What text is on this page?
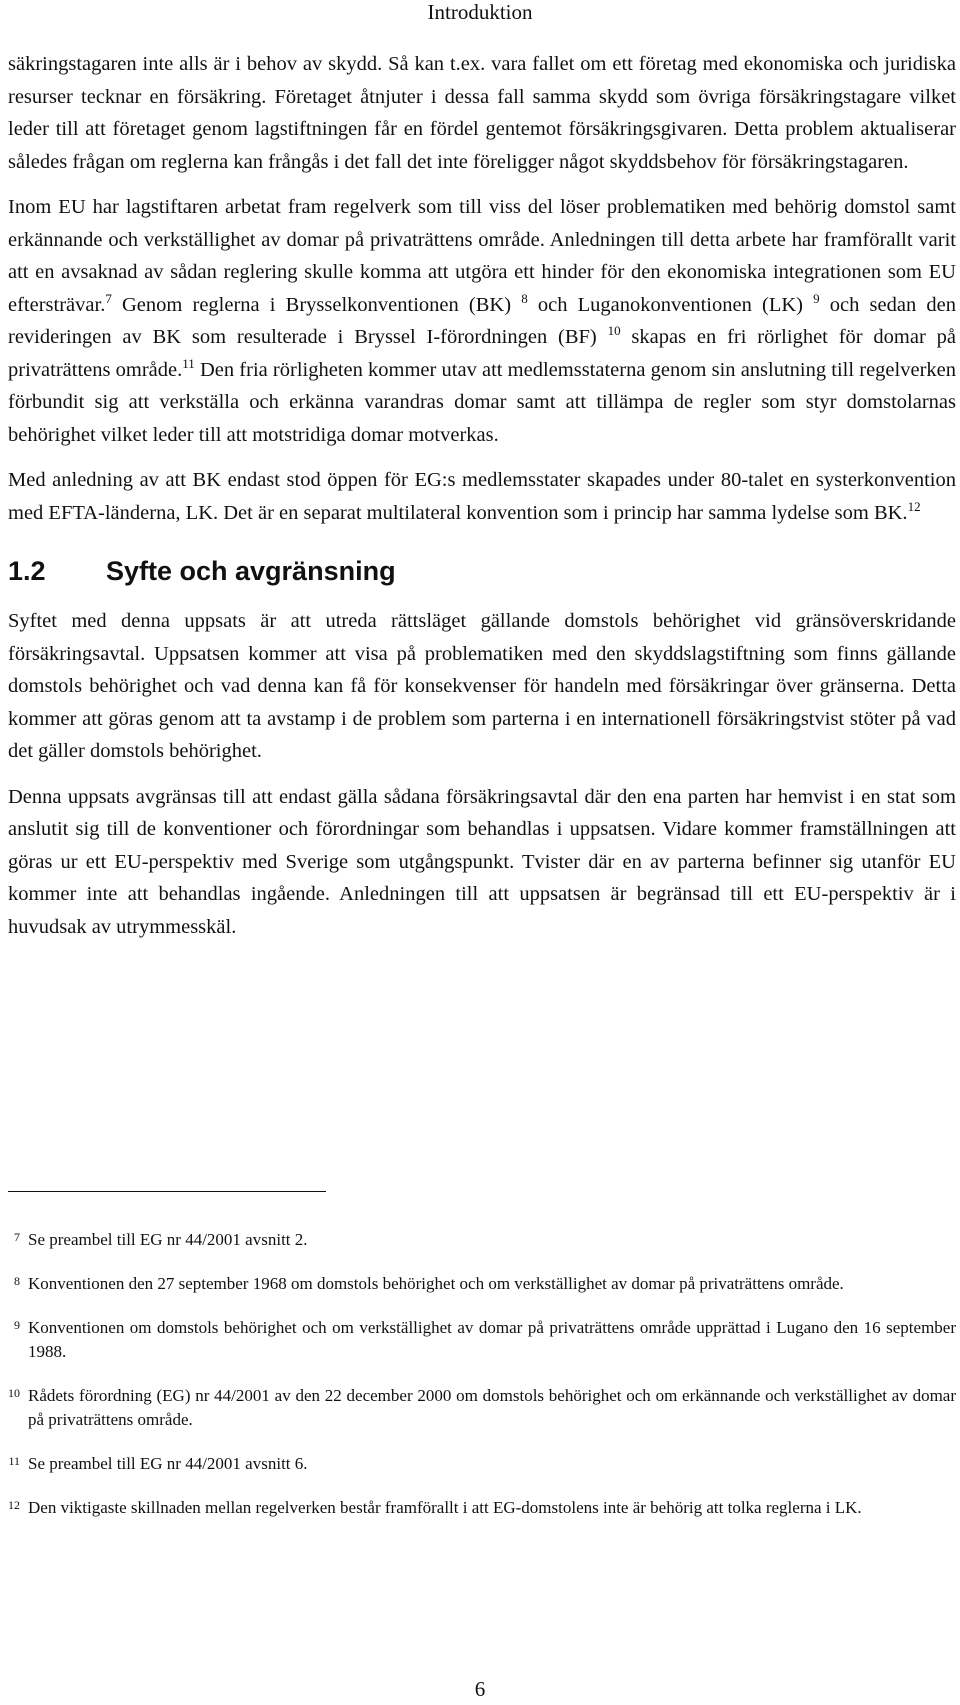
Introduktion

säkringstagaren inte alls är i behov av skydd. Så kan t.ex. vara fallet om ett företag med ekonomiska och juridiska resurser tecknar en försäkring. Företaget åtnjuter i dessa fall samma skydd som övriga försäkringstagare vilket leder till att företaget genom lagstiftningen får en fördel gentemot försäkringsgivaren. Detta problem aktualiserar således frågan om reglerna kan frångås i det fall det inte föreligger något skyddsbehov för försäkringstagaren.

Inom EU har lagstiftaren arbetat fram regelverk som till viss del löser problematiken med behörig domstol samt erkännande och verkställighet av domar på privaträttens område. Anledningen till detta arbete har framförallt varit att en avsaknad av sådan reglering skulle komma att utgöra ett hinder för den ekonomiska integrationen som EU eftersträvar.$^7$ Genom reglerna i Brysselkonventionen (BK) $^8$ och Luganokonventionen (LK) $^9$ och sedan den revideringen av BK som resulterade i Bryssel I-förordningen (BF) $^{10}$ skapas en fri rörlighet för domar på privaträttens område.$^{11}$ Den fria rörligheten kommer utav att medlemsstaterna genom sin anslutning till regelverken förbundit sig att verkställa och erkänna varandras domar samt att tillämpa de regler som styr domstolarnas behörighet vilket leder till att motstridiga domar motverkas.

Med anledning av att BK endast stod öppen för EG:s medlemsstater skapades under 80-talet en systerkonvention med EFTA-länderna, LK. Det är en separat multilateral konvention som i princip har samma lydelse som BK.$^{12}$

1.2 Syfte och avgränsning

Syftet med denna uppsats är att utreda rättsläget gällande domstols behörighet vid gränsöverskridande försäkringsavtal. Uppsatsen kommer att visa på problematiken med den skyddslagstiftning som finns gällande domstols behörighet och vad denna kan få för konsekvenser för handeln med försäkringar över gränserna. Detta kommer att göras genom att ta avstamp i de problem som parterna i en internationell försäkringstvist stöter på vad det gäller domstols behörighet.

Denna uppsats avgränsas till att endast gälla sådana försäkringsavtal där den ena parten har hemvist i en stat som anslutit sig till de konventioner och förordningar som behandlas i uppsatsen. Vidare kommer framställningen att göras ur ett EU-perspektiv med Sverige som utgångspunkt. Tvister där en av parterna befinner sig utanför EU kommer inte att behandlas ingående. Anledningen till att uppsatsen är begränsad till ett EU-perspektiv är i huvudsak av utrymmesskäl.

7 Se preambel till EG nr 44/2001 avsnitt 2.
8 Konventionen den 27 september 1968 om domstols behörighet och om verkställighet av domar på privaträttens område.
9 Konventionen om domstols behörighet och om verkställighet av domar på privaträttens område upprättad i Lugano den 16 september 1988.
10 Rådets förordning (EG) nr 44/2001 av den 22 december 2000 om domstols behörighet och om erkännande och verkställighet av domar på privaträttens område.
11 Se preambel till EG nr 44/2001 avsnitt 6.
12 Den viktigaste skillnaden mellan regelverken består framförallt i att EG-domstolens inte är behörig att tolka reglerna i LK.
6
